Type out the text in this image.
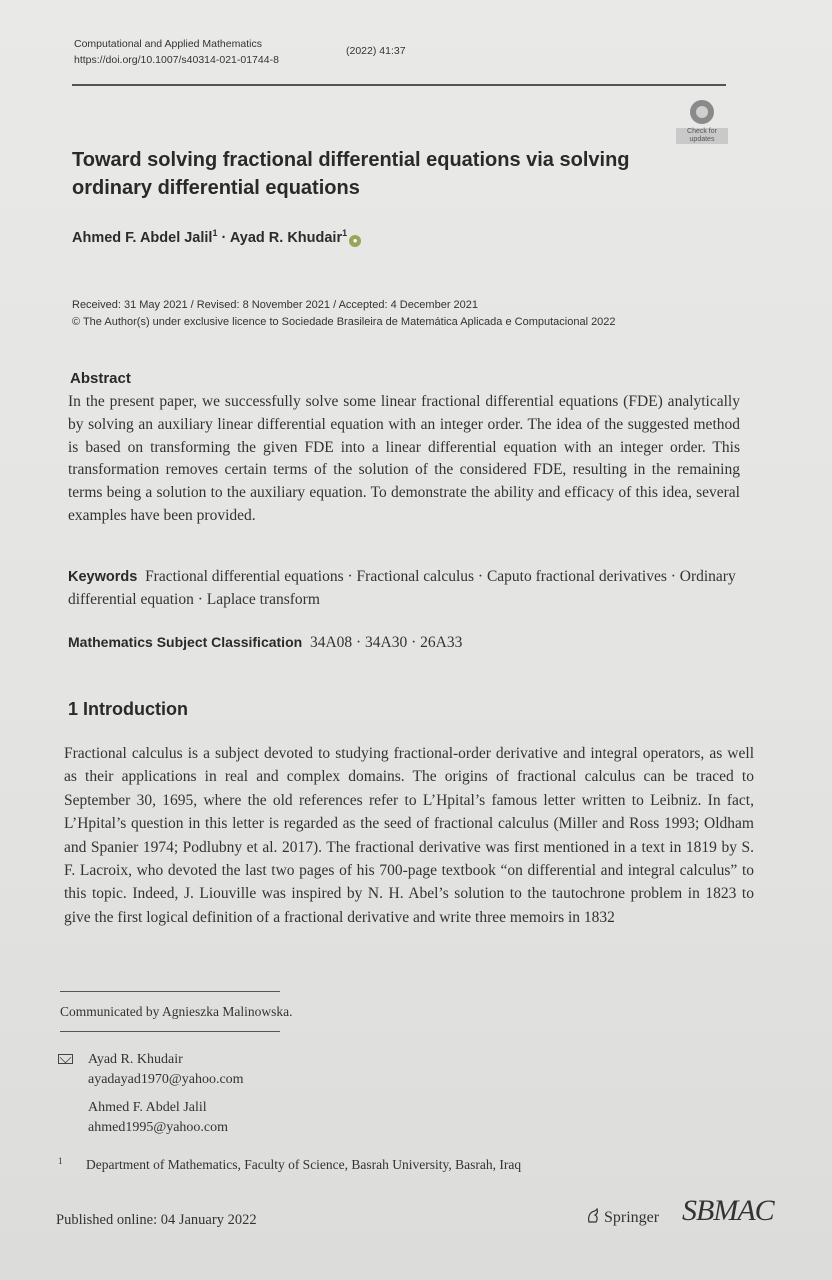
Computational and Applied Mathematics
(2022) 41:37
https://doi.org/10.1007/s40314-021-01744-8
Check for updates
Toward solving fractional differential equations via solving
ordinary differential equations
Ahmed F. Abdel Jalil$^1$ · Ayad R. Khudair$^1$●
Received: 31 May 2021 / Revised: 8 November 2021 / Accepted: 4 December 2021
© The Author(s) under exclusive licence to Sociedade Brasileira de Matemática Aplicada e Computacional 2022
Abstract
In the present paper, we successfully solve some linear fractional differential equations (FDE) analytically by solving an auxiliary linear differential equation with an integer order. The idea of the suggested method is based on transforming the given FDE into a linear differential equation with an integer order. This transformation removes certain terms of the solution of the considered FDE, resulting in the remaining terms being a solution to the auxiliary equation. To demonstrate the ability and efficacy of this idea, several examples have been provided.
Keywords Fractional differential equations · Fractional calculus · Caputo fractional derivatives · Ordinary differential equation · Laplace transform
Mathematics Subject Classification 34A08 · 34A30 · 26A33
1 Introduction
Fractional calculus is a subject devoted to studying fractional-order derivative and integral operators, as well as their applications in real and complex domains. The origins of fractional calculus can be traced to September 30, 1695, where the old references refer to L’Hpital’s famous letter written to Leibniz. In fact, L’Hpital’s question in this letter is regarded as the seed of fractional calculus (Miller and Ross 1993; Oldham and Spanier 1974; Podlubny et al. 2017). The fractional derivative was first mentioned in a text in 1819 by S. F. Lacroix, who devoted the last two pages of his 700-page textbook “on differential and integral calculus” to this topic. Indeed, J. Liouville was inspired by N. H. Abel’s solution to the tautochrone problem in 1823 to give the first logical definition of a fractional derivative and write three memoirs in 1832
Communicated by Agnieszka Malinowska.
Ayad R. Khudair
ayadayad1970@yahoo.com
Ahmed F. Abdel Jalil
ahmed1995@yahoo.com
1 Department of Mathematics, Faculty of Science, Basrah University, Basrah, Iraq
Published online: 04 January 2022	Springer SBMAC
